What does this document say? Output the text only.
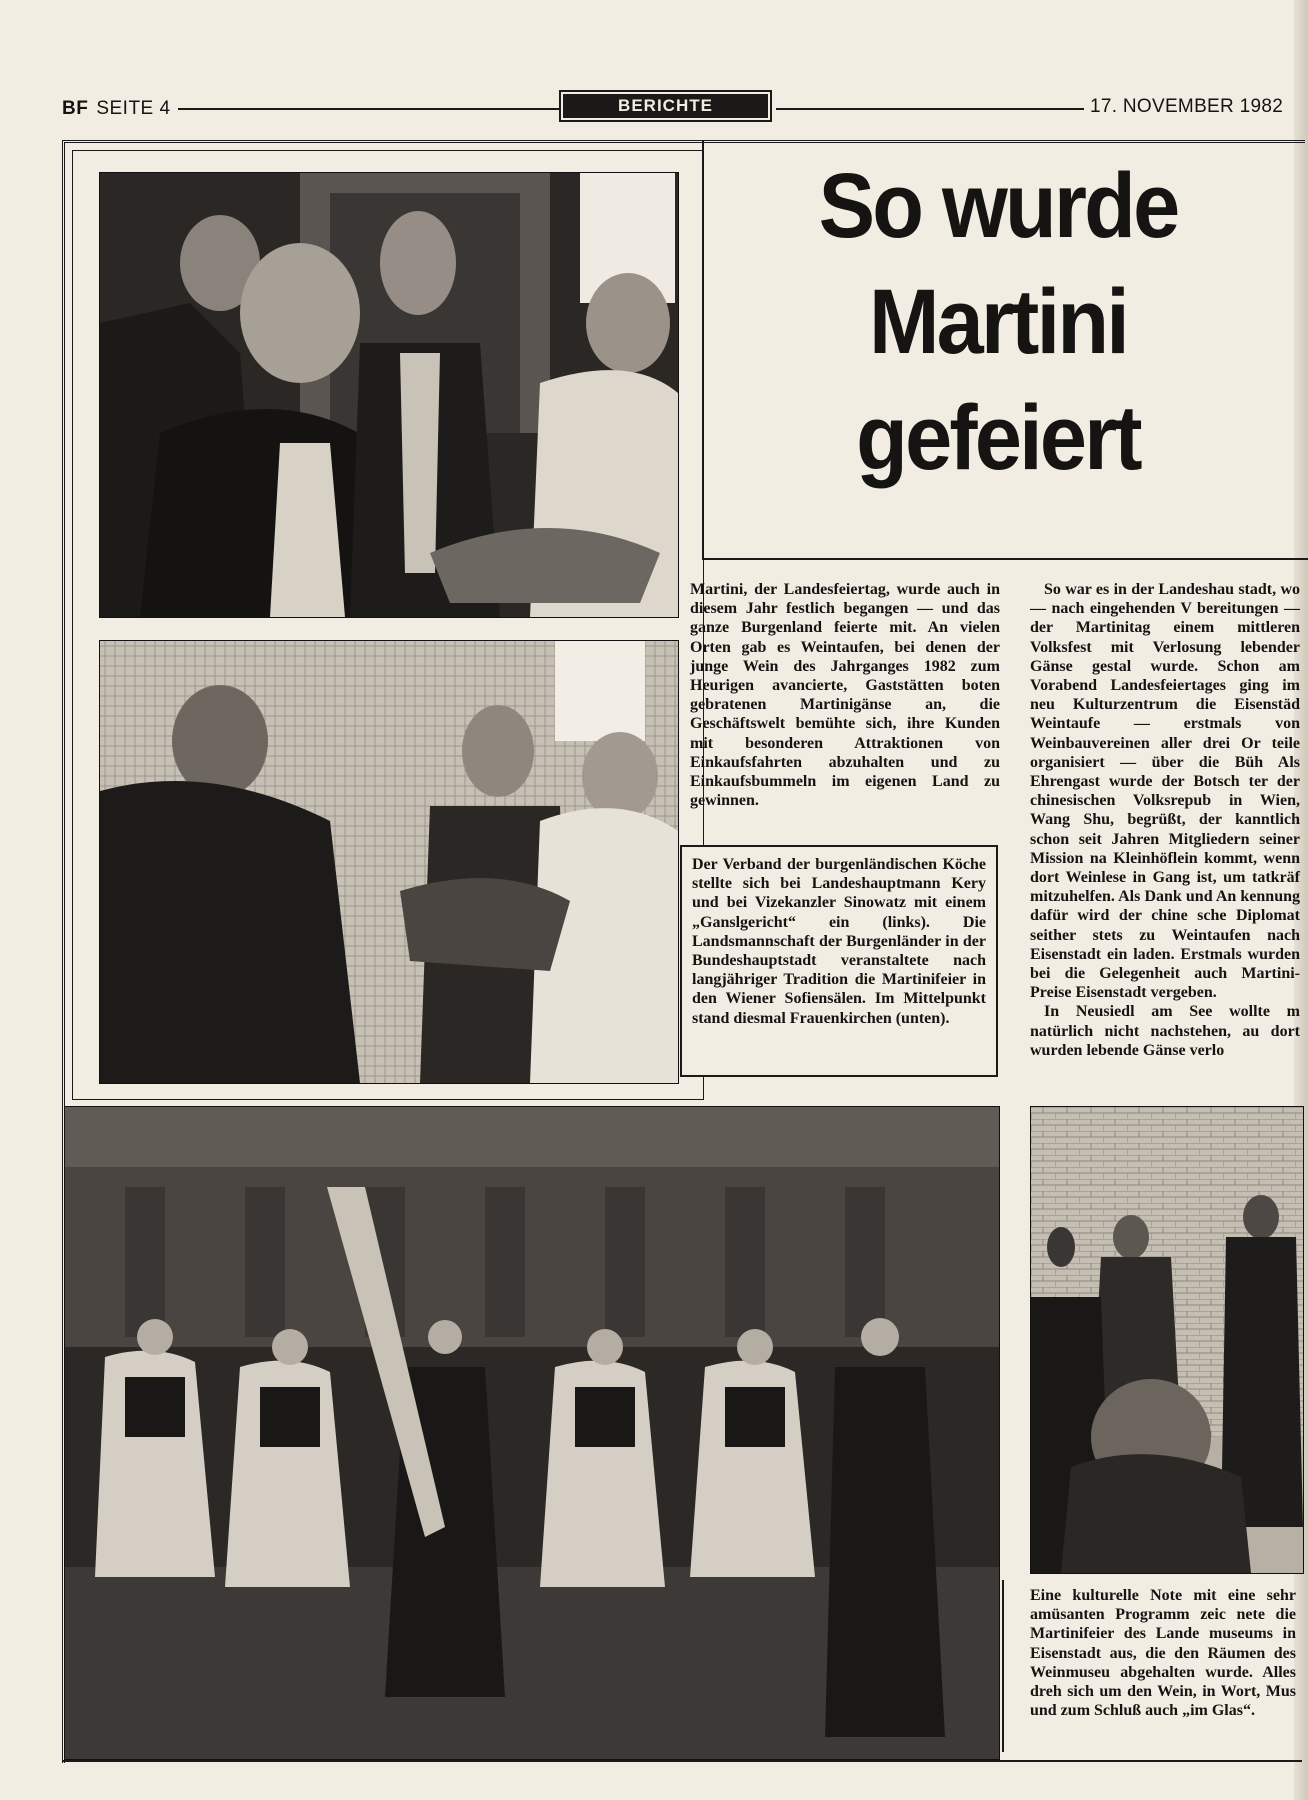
BF SEITE 4	BERICHTE	17. NOVEMBER 1982
So wurde
Martini
gefeiert

Martini, der Landesfeiertag, wurde auch in diesem Jahr festlich begangen — und das ganze Burgenland feierte mit. An vielen Orten gab es Weintaufen, bei denen der junge Wein des Jahrganges 1982 zum Heurigen avancierte, Gaststätten boten gebratenen Martinigänse an, die Geschäftswelt bemühte sich, ihre Kunden mit besonderen Attraktionen von Einkaufsfahrten abzuhalten und zu Einkaufsbummeln im eigenen Land zu gewinnen.

Der Verband der burgenländischen Köche stellte sich bei Landeshauptmann Kery und bei Vizekanzler Sinowatz mit einem „Ganslgericht“ ein (links). Die Landsmannschaft der Burgenländer in der Bundeshauptstadt veranstaltete nach langjähriger Tradition die Martinifeier in den Wiener Sofiensälen. Im Mittelpunkt stand diesmal Frauenkirchen (unten).

So war es in der Landeshau stadt, wo — nach eingehenden V bereitungen — der Martinitag einem mittleren Volksfest mit Verlosung lebender Gänse gestal wurde. Schon am Vorabend Landesfeiertages ging im neu Kulturzentrum die Eisenstäd Weintaufe — erstmals von Weinbauvereinen aller drei Or teile organisiert — über die Büh Als Ehrengast wurde der Botsch ter der chinesischen Volksrepub in Wien, Wang Shu, begrüßt, der kanntlich schon seit Jahren Mitgliedern seiner Mission na Kleinhöflein kommt, wenn dort Weinlese in Gang ist, um tatkräf mitzuhelfen. Als Dank und An kennung dafür wird der chine sche Diplomat seither stets zu Weintaufen nach Eisenstadt ein laden. Erstmals wurden bei die Gelegenheit auch Martini-Preise Eisenstadt vergeben.

In Neusiedl am See wollte m natürlich nicht nachstehen, au dort wurden lebende Gänse verlo

Eine kulturelle Note mit eine sehr amüsanten Programm zeic nete die Martinifeier des Lande museums in Eisenstadt aus, die den Räumen des Weinmuseu abgehalten wurde. Alles dreh sich um den Wein, in Wort, Mus und zum Schluß auch „im Glas“.
